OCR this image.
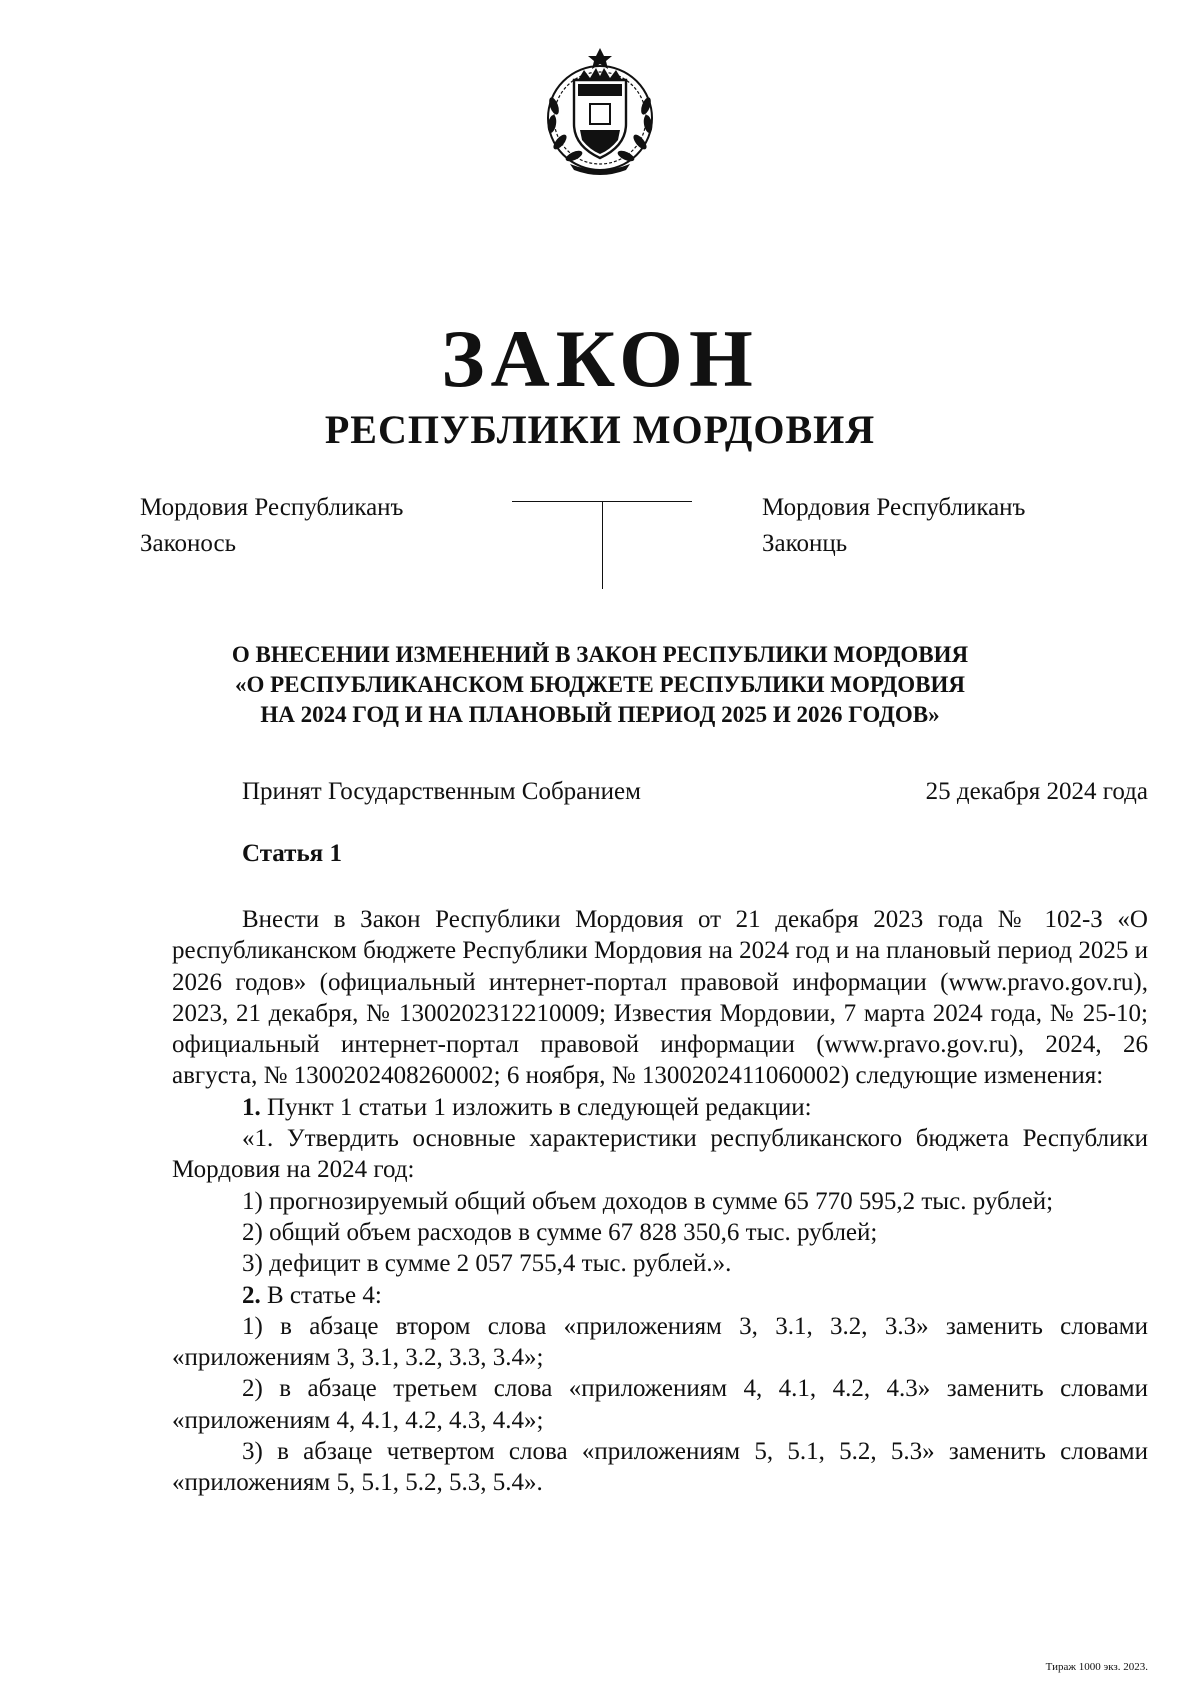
ЗАКОН
РЕСПУБЛИКИ МОРДОВИЯ
Мордовия Республиканъ
Законось
Мордовия Республиканъ
Законць
О ВНЕСЕНИИ ИЗМЕНЕНИЙ В ЗАКОН РЕСПУБЛИКИ МОРДОВИЯ
«О РЕСПУБЛИКАНСКОМ БЮДЖЕТЕ РЕСПУБЛИКИ МОРДОВИЯ
НА 2024 ГОД И НА ПЛАНОВЫЙ ПЕРИОД 2025 И 2026 ГОДОВ»
Принят Государственным Собранием	25 декабря 2024 года
Статья 1

Внести в Закон Республики Мордовия от 21 декабря 2023 года № 102-З «О республиканском бюджете Республики Мордовия на 2024 год и на плановый период 2025 и 2026 годов» (официальный интернет-портал правовой информации (www.pravo.gov.ru), 2023, 21 декабря, № 1300202312210009; Известия Мордовии, 7 марта 2024 года, № 25-10; официальный интернет-портал правовой информации (www.pravo.gov.ru), 2024, 26 августа, № 1300202408260002; 6 ноября, № 1300202411060002) следующие изменения:

1. Пункт 1 статьи 1 изложить в следующей редакции:

«1. Утвердить основные характеристики республиканского бюджета Республики Мордовия на 2024 год:

1) прогнозируемый общий объем доходов в сумме 65 770 595,2 тыс. рублей;

2) общий объем расходов в сумме 67 828 350,6 тыс. рублей;

3) дефицит в сумме 2 057 755,4 тыс. рублей.».

2. В статье 4:

1) в абзаце втором слова «приложениям 3, 3.1, 3.2, 3.3» заменить словами «приложениям 3, 3.1, 3.2, 3.3, 3.4»;

2) в абзаце третьем слова «приложениям 4, 4.1, 4.2, 4.3» заменить словами «приложениям 4, 4.1, 4.2, 4.3, 4.4»;

3) в абзаце четвертом слова «приложениям 5, 5.1, 5.2, 5.3» заменить словами «приложениям 5, 5.1, 5.2, 5.3, 5.4».

Тираж 1000 экз. 2023.
